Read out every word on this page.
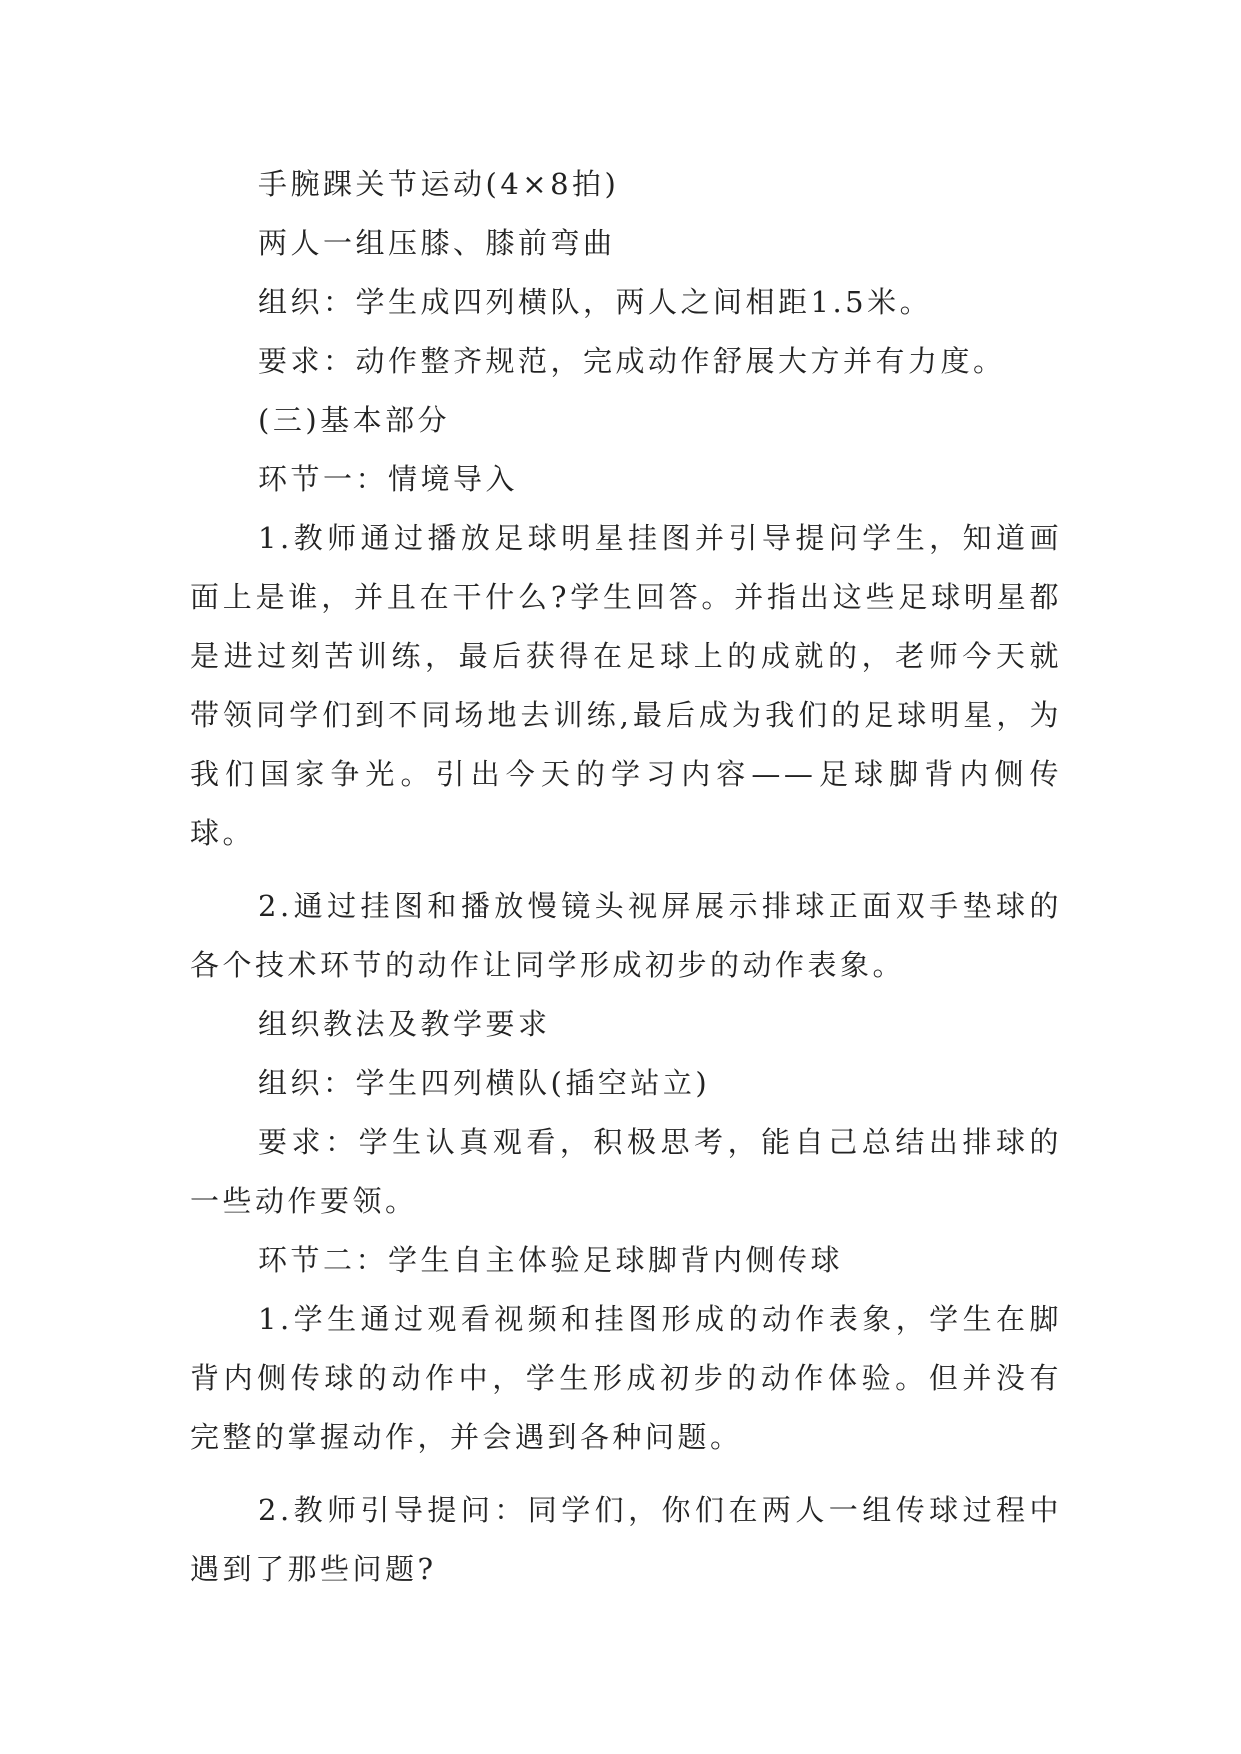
手腕踝关节运动(4×8拍)

两人一组压膝、膝前弯曲

组织：学生成四列横队，两人之间相距1.5米。

要求：动作整齐规范，完成动作舒展大方并有力度。

(三)基本部分

环节一：情境导入

1.教师通过播放足球明星挂图并引导提问学生，知道画面上是谁，并且在干什么?学生回答。并指出这些足球明星都是进过刻苦训练，最后获得在足球上的成就的，老师今天就带领同学们到不同场地去训练,最后成为我们的足球明星，为我们国家争光。引出今天的学习内容——足球脚背内侧传球。

2.通过挂图和播放慢镜头视屏展示排球正面双手垫球的各个技术环节的动作让同学形成初步的动作表象。

组织教法及教学要求

组织：学生四列横队(插空站立)

要求：学生认真观看，积极思考，能自己总结出排球的一些动作要领。

环节二：学生自主体验足球脚背内侧传球

1.学生通过观看视频和挂图形成的动作表象，学生在脚背内侧传球的动作中，学生形成初步的动作体验。但并没有完整的掌握动作，并会遇到各种问题。

2.教师引导提问：同学们，你们在两人一组传球过程中遇到了那些问题?
